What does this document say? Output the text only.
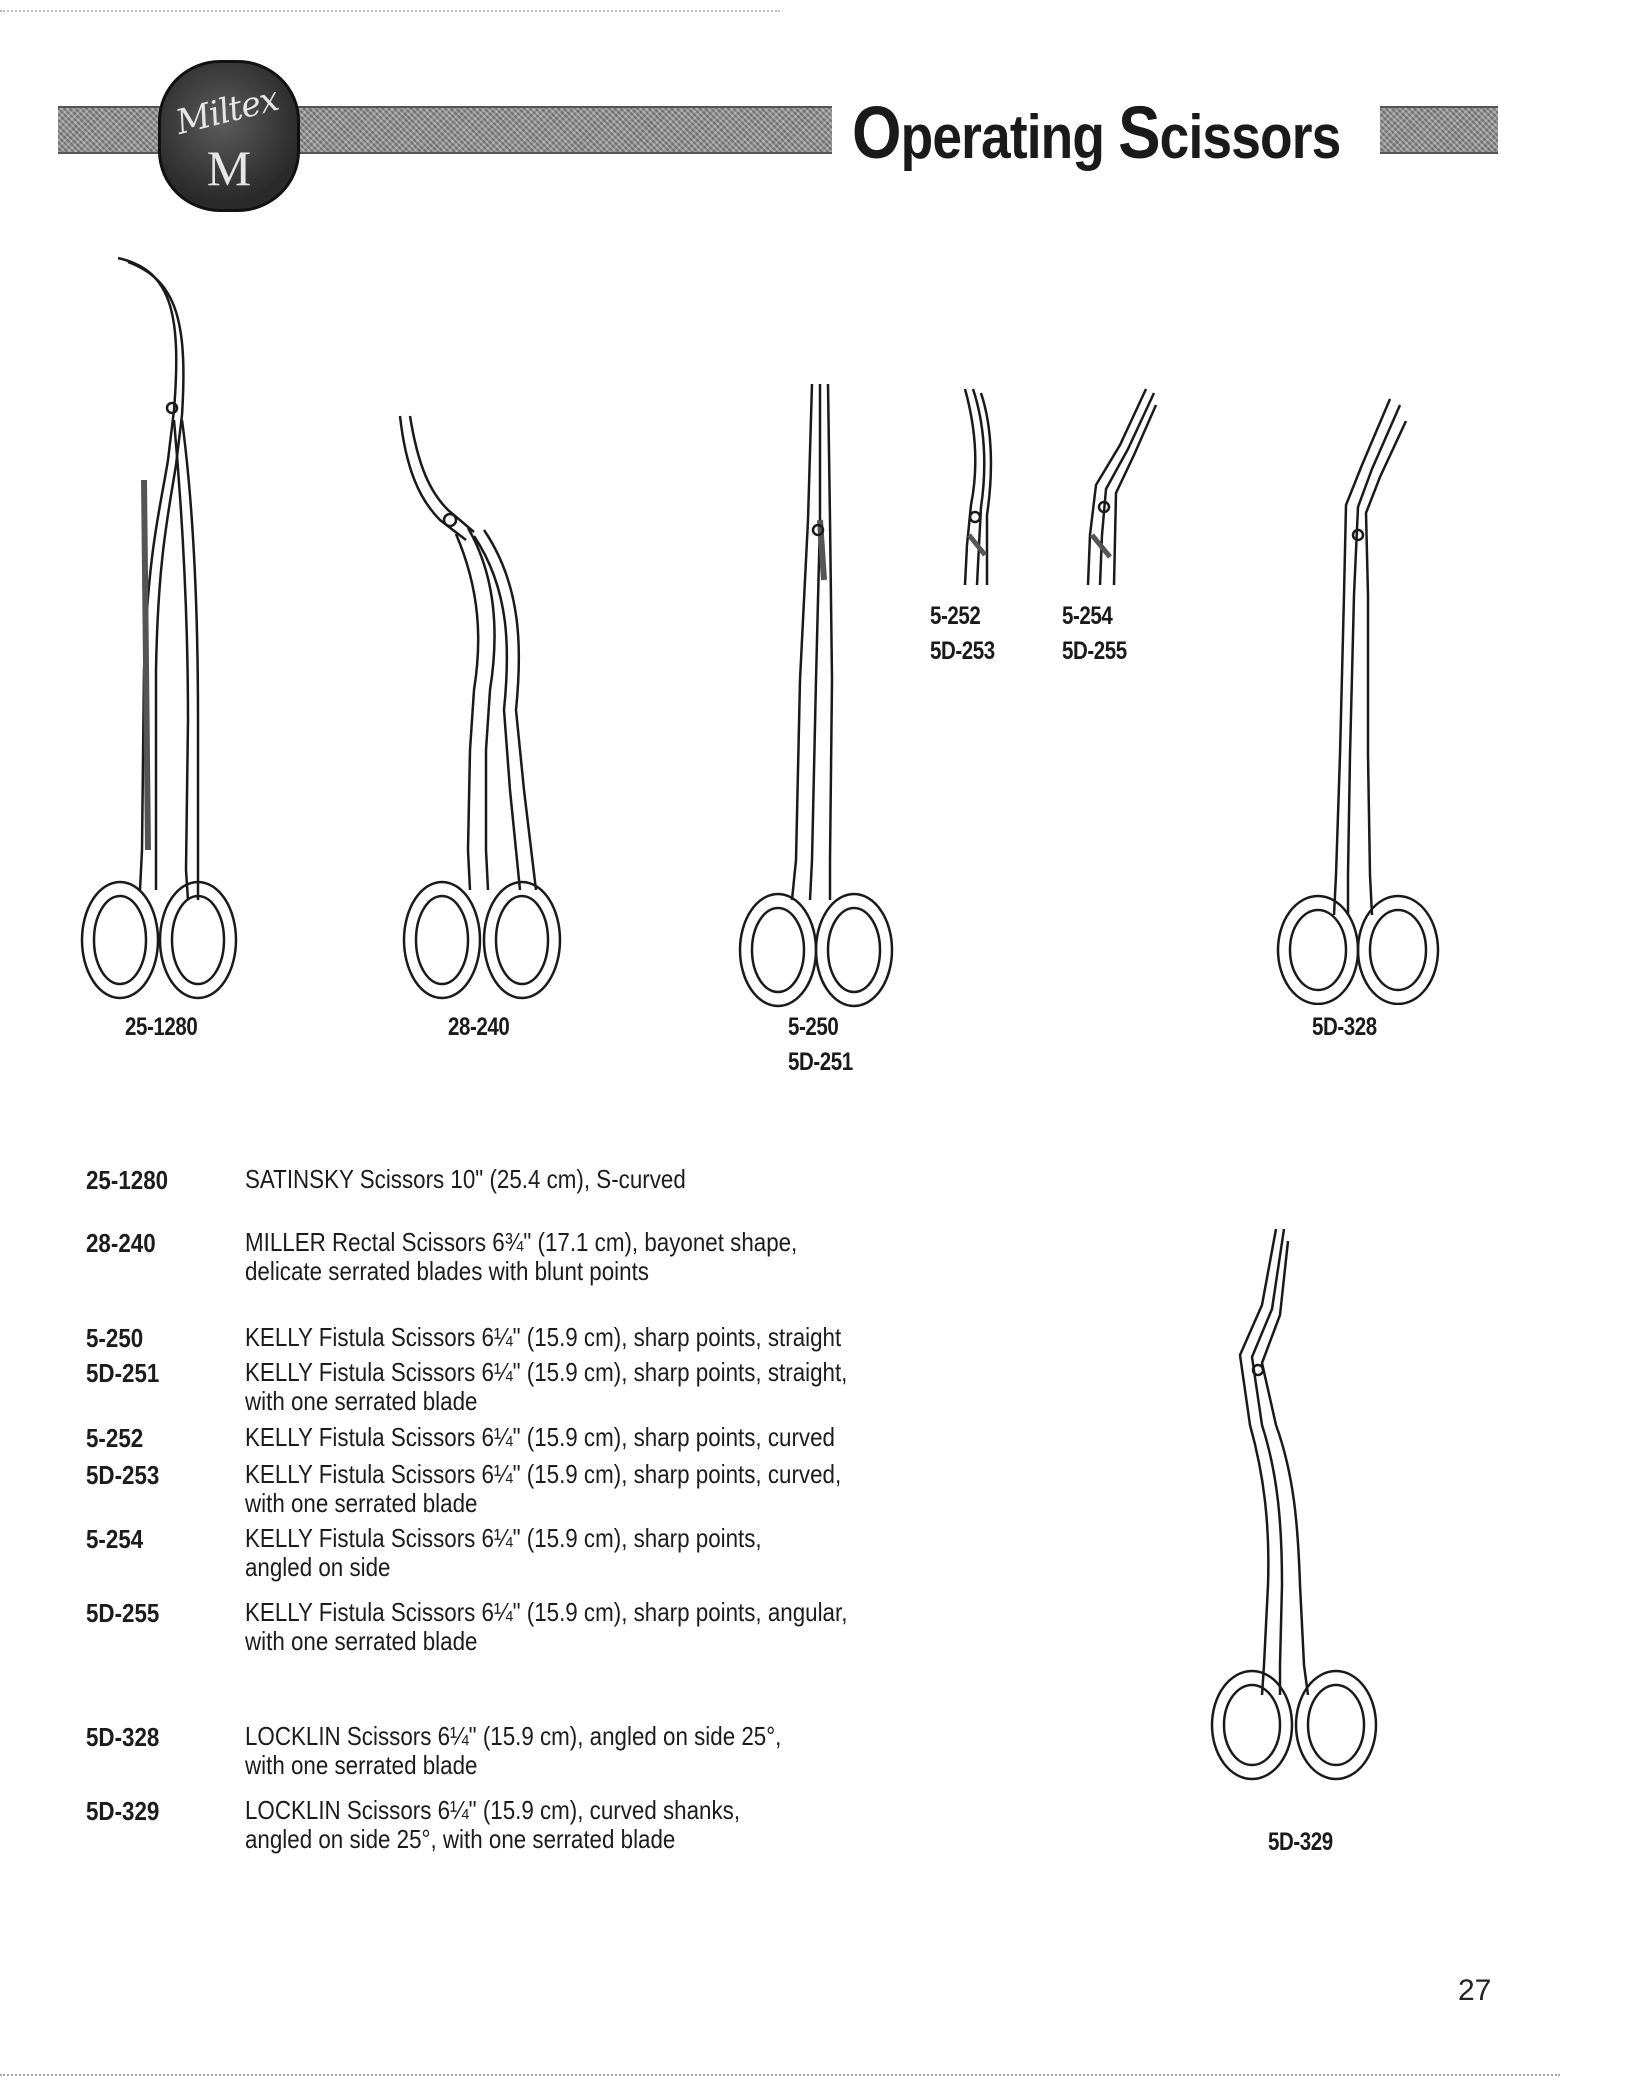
Miltex
M	Operating Scissors
25-1280	28-240	5-250
5D-251
5-252
5D-253
5-254
5D-255
5D-328
5D-329
25-1280	SATINSKY Scissors 10" (25.4 cm), S-curved
28-240	MILLER Rectal Scissors 6¾" (17.1 cm), bayonet shape,
delicate serrated blades with blunt points
5-250	KELLY Fistula Scissors 6¼" (15.9 cm), sharp points, straight
5D-251	KELLY Fistula Scissors 6¼" (15.9 cm), sharp points, straight,
with one serrated blade
5-252	KELLY Fistula Scissors 6¼" (15.9 cm), sharp points, curved
5D-253	KELLY Fistula Scissors 6¼" (15.9 cm), sharp points, curved,
with one serrated blade
5-254	KELLY Fistula Scissors 6¼" (15.9 cm), sharp points,
angled on side
5D-255	KELLY Fistula Scissors 6¼" (15.9 cm), sharp points, angular,
with one serrated blade
5D-328	LOCKLIN Scissors 6¼" (15.9 cm), angled on side 25°,
with one serrated blade
5D-329	LOCKLIN Scissors 6¼" (15.9 cm), curved shanks,
angled on side 25°, with one serrated blade
27
